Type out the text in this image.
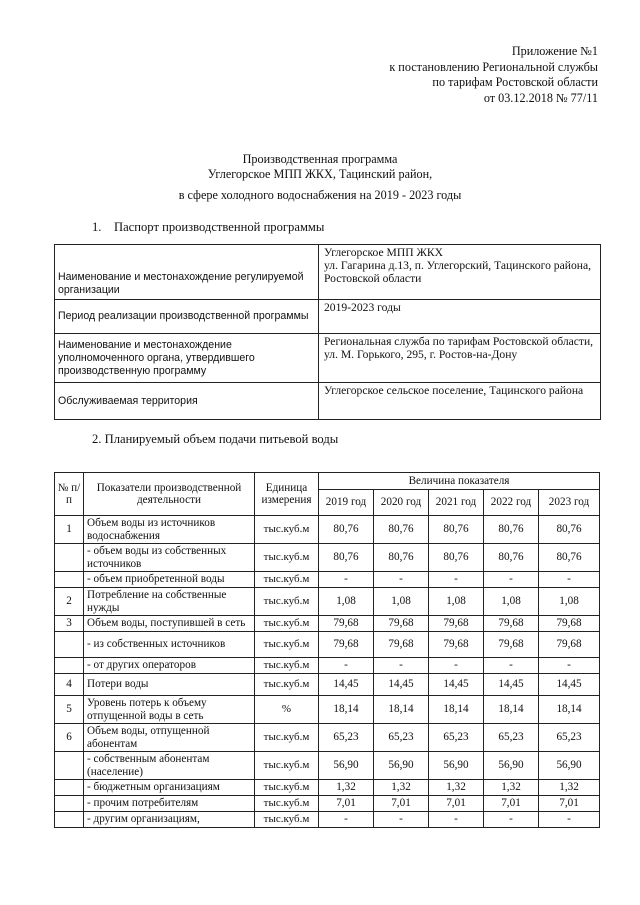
Приложение №1
к постановлению Региональной службы
по тарифам Ростовской области
от 03.12.2018 № 77/11
Производственная программа
Углегорское МПП ЖКХ, Тацинский район,
в сфере холодного водоснабжения на 2019 - 2023 годы
1. Паспорт производственной программы
Наименование и местонахождение регулируемой организации	Углегорское МПП ЖКХ
ул. Гагарина д.13, п. Углегорский, Тацинского района, Ростовской области

Период реализации производственной программы	2019-2023 годы
Наименование и местонахождение уполномоченного органа, утвердившего производственную программу	Региональная служба по тарифам Ростовской области, ул. М. Горького, 295, г. Ростов-на-Дону
Обслуживаемая территория	Углегорское сельское поселение, Тацинского района
2. Планируемый объем подачи питьевой воды
№ п/п	Показатели производственной деятельности	Единица измерения	Величина показателя				
			2019 год	2020 год	2021 год	2022 год	2023 год
1	Объем воды из источников водоснабжения	тыс.куб.м	80,76	80,76	80,76	80,76	80,76
	- объем воды из собственных источников	тыс.куб.м	80,76	80,76	80,76	80,76	80,76
	- объем приобретенной воды	тыс.куб.м	-	-	-	-	-
2	Потребление на собственные нужды	тыс.куб.м	1,08	1,08	1,08	1,08	1,08
3	Объем воды, поступившей в сеть	тыс.куб.м	79,68	79,68	79,68	79,68	79,68
	- из собственных источников	тыс.куб.м	79,68	79,68	79,68	79,68	79,68
	- от других операторов	тыс.куб.м	-	-	-	-	-
4	Потери воды	тыс.куб.м	14,45	14,45	14,45	14,45	14,45
5	Уровень потерь к объему отпущенной воды в сеть	%	18,14	18,14	18,14	18,14	18,14
6	Объем воды, отпущенной абонентам	тыс.куб.м	65,23	65,23	65,23	65,23	65,23
	- собственным абонентам (население)	тыс.куб.м	56,90	56,90	56,90	56,90	56,90
	- бюджетным организациям	тыс.куб.м	1,32	1,32	1,32	1,32	1,32
	- прочим потребителям	тыс.куб.м	7,01	7,01	7,01	7,01	7,01
	- другим организациям,	тыс.куб.м	-	-	-	-	-
